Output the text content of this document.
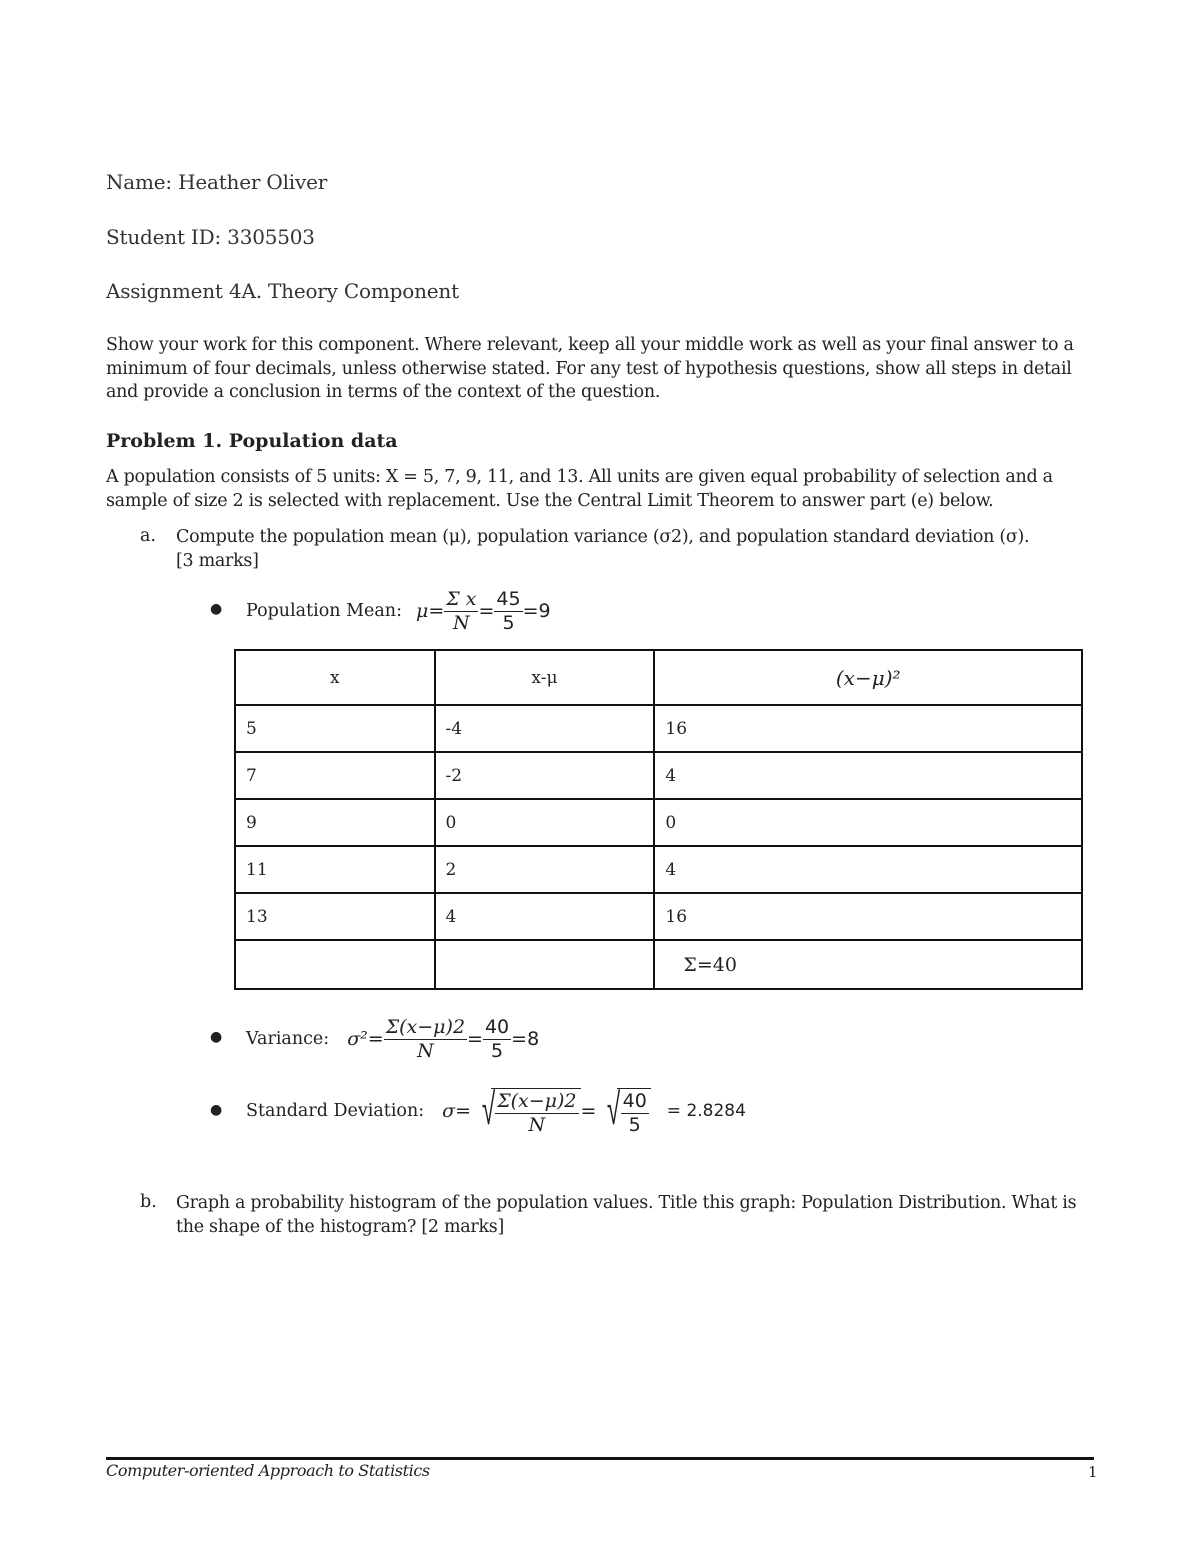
Name: Heather Oliver
Student ID: 3305503
Assignment 4A. Theory Component

Show your work for this component. Where relevant, keep all your middle work as well as your final answer to a

minimum of four decimals, unless otherwise stated. For any test of hypothesis questions, show all steps in detail

and provide a conclusion in terms of the context of the question.

Problem 1. Population data

A population consists of 5 units: X = 5, 7, 9, 11, and 13. All units are given equal probability of selection and a

sample of size 2 is selected with replacement. Use the Central Limit Theorem to answer part (e) below.

a. Compute the population mean (μ), population variance (σ2), and population standard deviation (σ).

[3 marks]

● Population Mean: $\mu= \frac{\text{Σ x}}{N} = \frac{45}{5} =9$
x	x-μ	(x−μ)²
5	-4	16
7	-2	4
9	0	0
11	2	4
13	4	16
		Σ=40
● Variance: $\sigma^2= \frac{\Sigma(x-\mu)2}{N} = \frac{40}{5} =8$
● Standard Deviation: σ= √ $\frac{\Sigma(x-\mu)2}{N}$ = √ $\frac{40}{5} = 2.8284$
b. Graph a probability histogram of the population values. Title this graph: Population Distribution. What is

the shape of the histogram? [2 marks]

Computer-oriented Approach to Statistics	1
